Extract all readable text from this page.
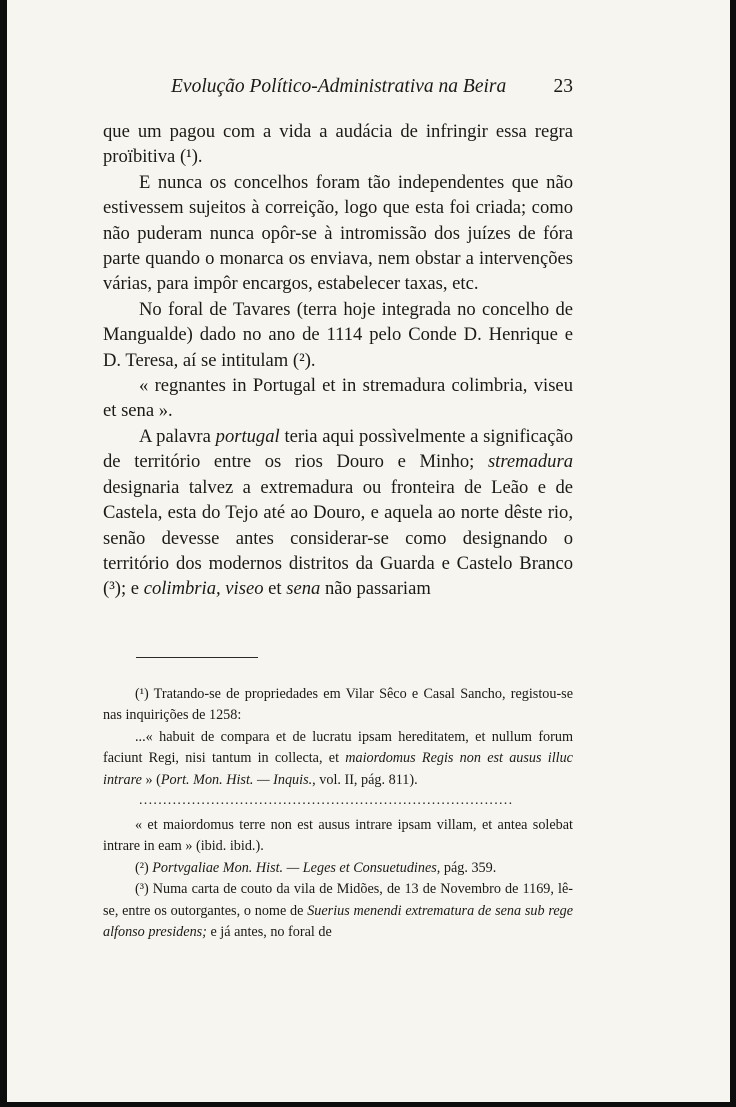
Evolução Político-Administrativa na Beira 23

que um pagou com a vida a audácia de infringir essa regra proïbitiva (¹).

E nunca os concelhos foram tão independentes que não estivessem sujeitos à correição, logo que esta foi criada; como não puderam nunca opôr-se à intromissão dos juízes de fóra parte quando o monarca os enviava, nem obstar a intervenções várias, para impôr encargos, estabelecer taxas, etc.

No foral de Tavares (terra hoje integrada no concelho de Mangualde) dado no ano de 1114 pelo Conde D. Henrique e D. Teresa, aí se intitulam (²).

« regnantes in Portugal et in stremadura colimbria, viseu et sena ».

A palavra portugal teria aqui possìvelmente a significação de território entre os rios Douro e Minho; stremadura designaria talvez a extremadura ou fronteira de Leão e de Castela, esta do Tejo até ao Douro, e aquela ao norte dêste rio, senão devesse antes considerar-se como designando o território dos modernos distritos da Guarda e Castelo Branco (³); e colimbria, viseo et sena não passariam

(¹) Tratando-se de propriedades em Vilar Sêco e Casal Sancho, registou-se nas inquirições de 1258:

...« habuit de compara et de lucratu ipsam hereditatem, et nullum forum faciunt Regi, nisi tantum in collecta, et maiordomus Regis non est ausus illuc intrare » (Port. Mon. Hist. — Inquis., vol. II, pág. 811).

..............................................................................

« et maiordomus terre non est ausus intrare ipsam villam, et antea solebat intrare in eam » (ibid. ibid.).

(²) Portvgaliae Mon. Hist. — Leges et Consuetudines, pág. 359.

(³) Numa carta de couto da vila de Midões, de 13 de Novembro de 1169, lê-se, entre os outorgantes, o nome de Suerius menendi extrematura de sena sub rege alfonso presidens; e já antes, no foral de
